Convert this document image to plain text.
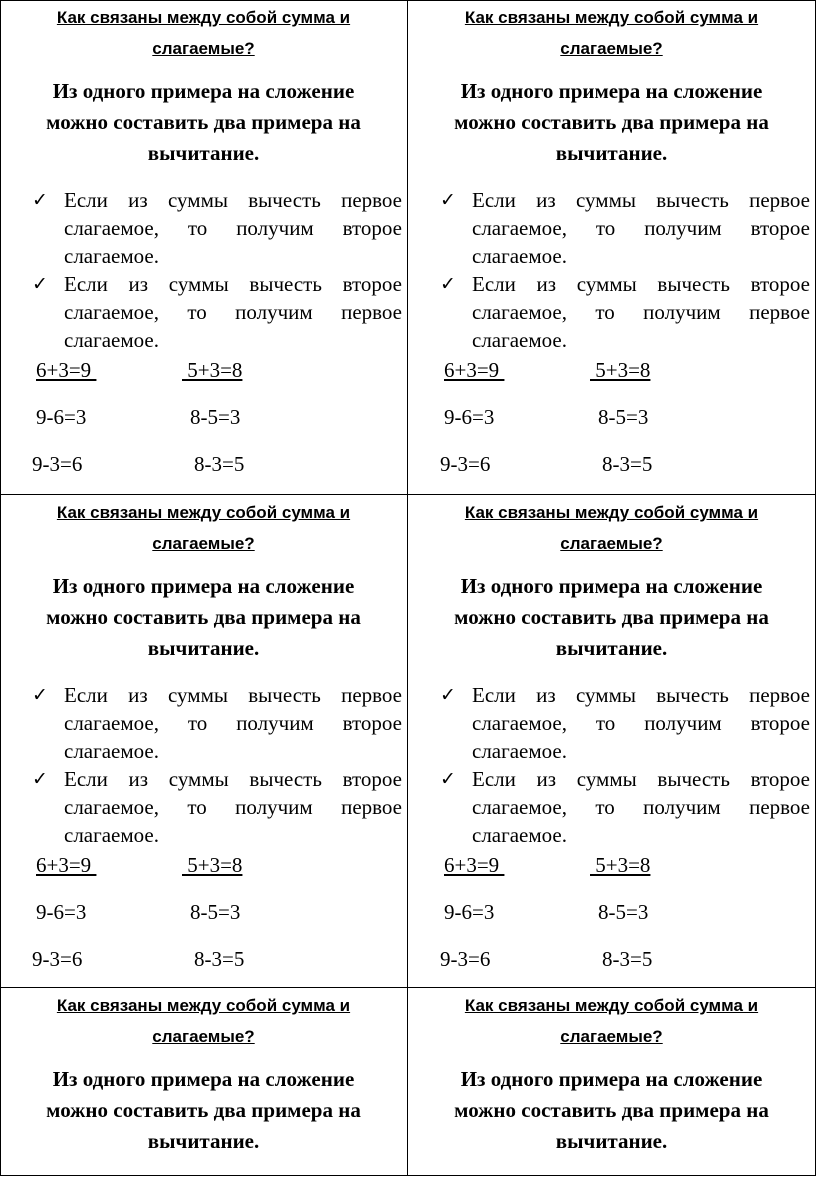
Как связаны между собой сумма и
слагаемые?
Из одного примера на сложение
можно составить два примера на
вычитание.
✓ Если из суммы вычесть первое слагаемое, то получим второе слагаемое.
✓ Если из суммы вычесть второе слагаемое, то получим первое слагаемое.
6+3=9
9-6=3
9-3=6
5+3=8
8-5=3
8-3=5
Как связаны между собой сумма и
слагаемые?
Из одного примера на сложение
можно составить два примера на
вычитание.
✓ Если из суммы вычесть первое слагаемое, то получим второе слагаемое.
✓ Если из суммы вычесть второе слагаемое, то получим первое слагаемое.
6+3=9
9-6=3
9-3=6
5+3=8
8-5=3
8-3=5
Как связаны между собой сумма и
слагаемые?
Из одного примера на сложение
можно составить два примера на
вычитание.
✓ Если из суммы вычесть первое слагаемое, то получим второе слагаемое.
✓ Если из суммы вычесть второе слагаемое, то получим первое слагаемое.
6+3=9
9-6=3
9-3=6
5+3=8
8-5=3
8-3=5
Как связаны между собой сумма и
слагаемые?
Из одного примера на сложение
можно составить два примера на
вычитание.
✓ Если из суммы вычесть первое слагаемое, то получим второе слагаемое.
✓ Если из суммы вычесть второе слагаемое, то получим первое слагаемое.
6+3=9
9-6=3
9-3=6
5+3=8
8-5=3
8-3=5
Как связаны между собой сумма и
слагаемые?
Из одного примера на сложение
можно составить два примера на
вычитание.
Как связаны между собой сумма и
слагаемые?
Из одного примера на сложение
можно составить два примера на
вычитание.
